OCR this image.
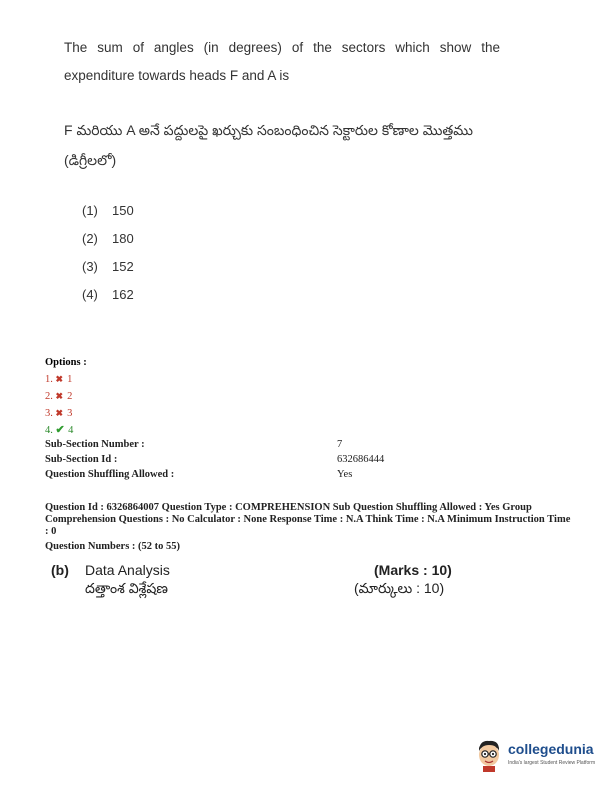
The sum of angles (in degrees) of the sectors which show the expenditure towards heads F and A is
F మరియు A అనే పద్దులపై ఖర్చుకు సంబంధించిన సెక్టారుల కోణాల మొత్తము (డిగ్రీలలో)
(1) 150
(2) 180
(3) 152
(4) 162
Options :
1. ✖ 1
2. ✖ 2
3. ✖ 3
4. ✔ 4
Sub-Section Number :	7
Sub-Section Id :	632686444
Question Shuffling Allowed :	Yes
Question Id : 6326864007 Question Type : COMPREHENSION Sub Question Shuffling Allowed : Yes Group Comprehension Questions : No Calculator : None Response Time : N.A Think Time : N.A Minimum Instruction Time : 0
Question Numbers : (52 to 55)
(b) Data Analysis
దత్తాంశ విశ్లేషణ
(Marks : 10)
(మార్కులు : 10)
collegedunia
India's largest Student Review Platform
